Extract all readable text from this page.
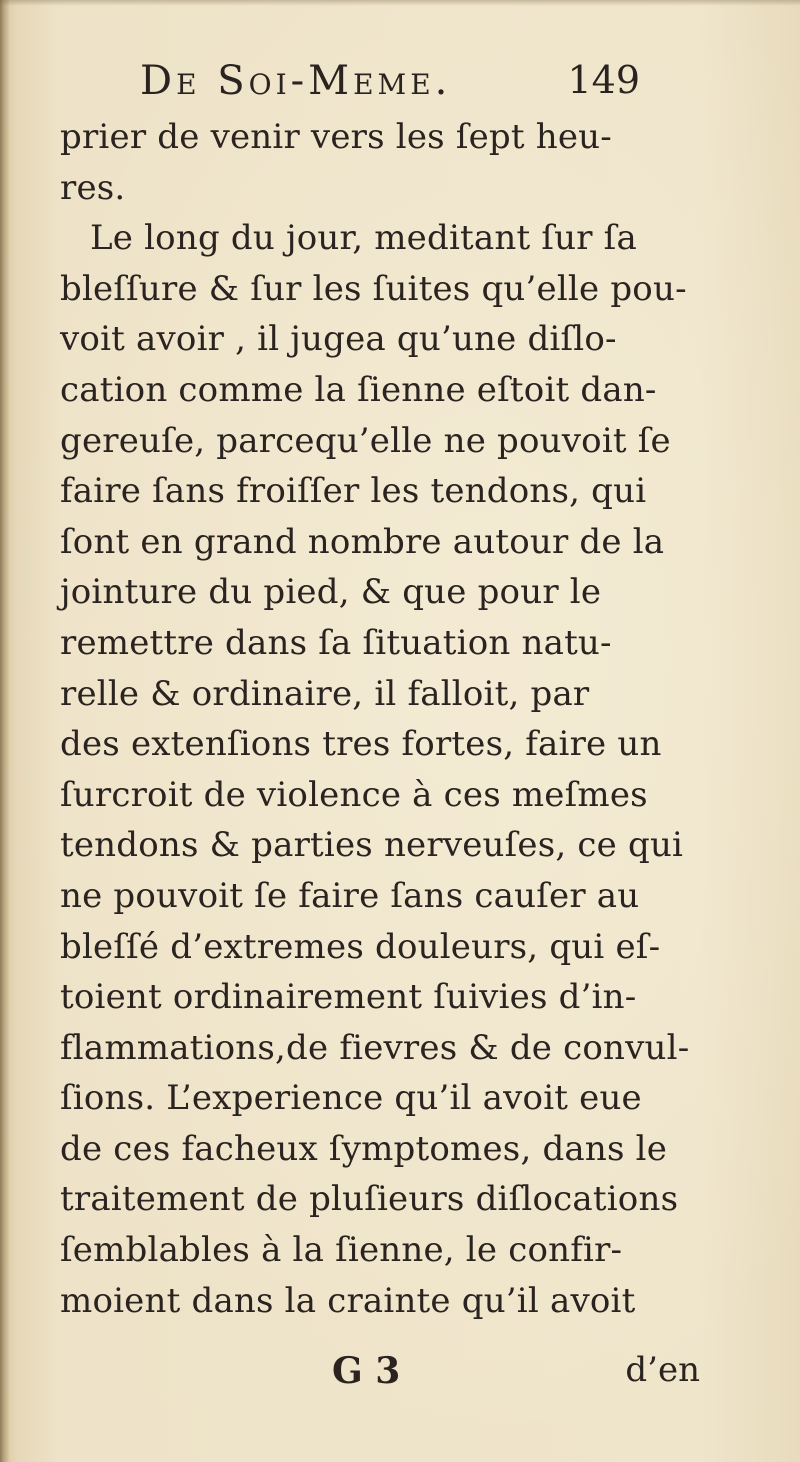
De Soi-Meme.	149
prier de venir vers les ſept heu-
res.
Le long du jour, meditant ſur ſa
bleſſure & ſur les ſuites qu’elle pou-
voit avoir , il jugea qu’une diſlo-
cation comme la ſienne eſtoit dan-
gereuſe, parcequ’elle ne pouvoit ſe
faire ſans froiſſer les tendons, qui
ſont en grand nombre autour de la
jointure du pied, & que pour le
remettre dans ſa ſituation natu-
relle & ordinaire, il falloit, par
des extenſions tres fortes, faire un
ſurcroit de violence à ces meſmes
tendons & parties nerveuſes, ce qui
ne pouvoit ſe faire ſans cauſer au
bleſſé d’extremes douleurs, qui eſ-
toient ordinairement ſuivies d’in-
flammations,de fievres & de convul-
ſions. L’experience qu’il avoit eue
de ces facheux ſymptomes, dans le
traitement de pluſieurs diſlocations
ſemblables à la ſienne, le confir-
moient dans la crainte qu’il avoit
G 3	d’en
